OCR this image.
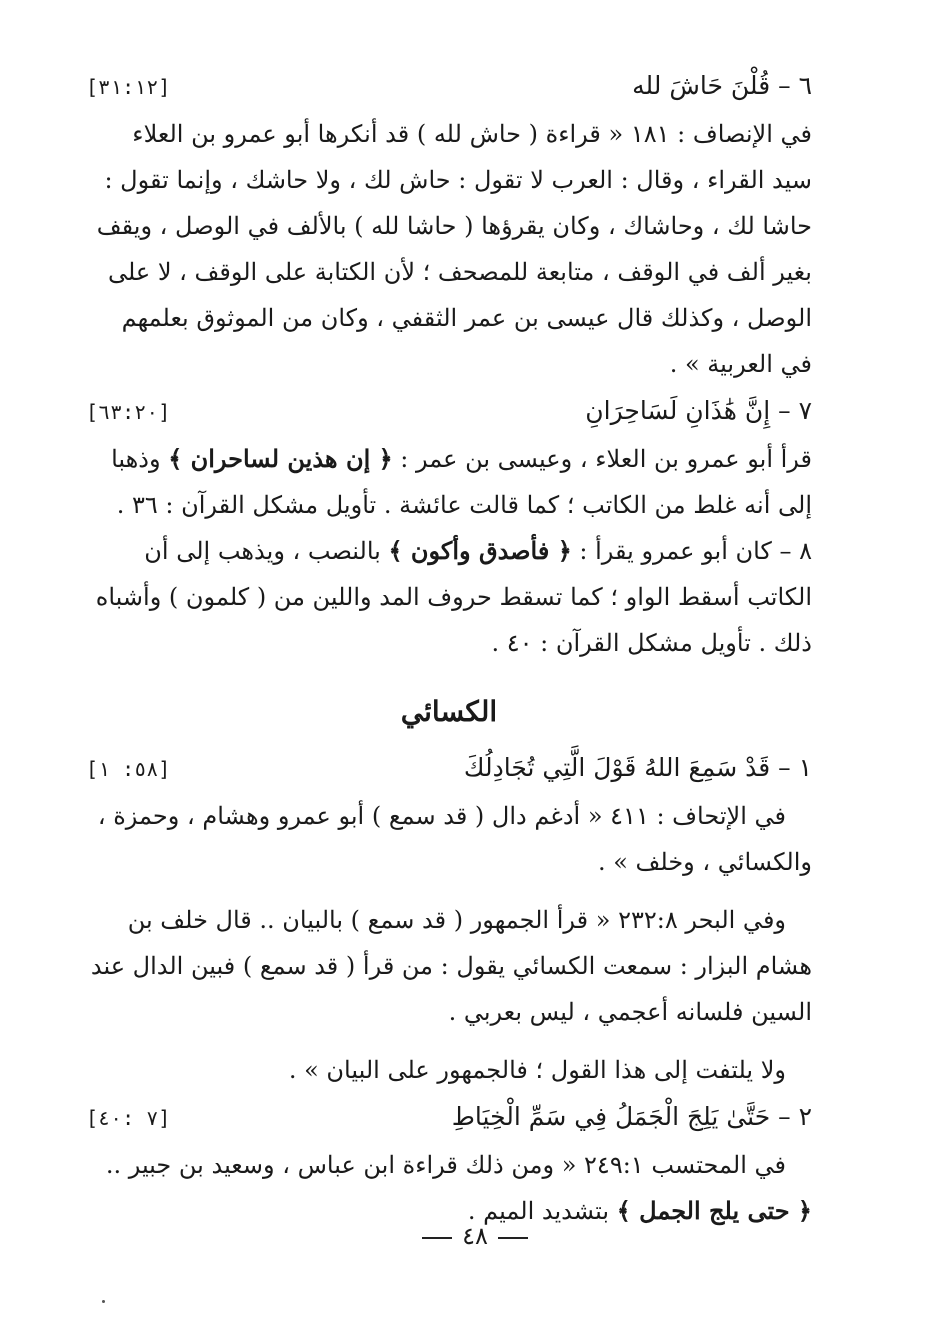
٦ – قُلْنَ حَاشَ لله
[٣١:١٢]

في الإنصاف : ١٨١ « قراءة ( حاش لله ) قد أنكرها أبو عمرو بن العلاء سيد القراء ، وقال : العرب لا تقول : حاش لك ، ولا حاشك ، وإنما تقول : حاشا لك ، وحاشاك ، وكان يقرؤها ( حاشا لله ) بالألف في الوصل ، ويقف بغير ألف في الوقف ، متابعة للمصحف ؛ لأن الكتابة على الوقف ، لا على الوصل ، وكذلك قال عيسى بن عمر الثقفي ، وكان من الموثوق بعلمهم في العربية » .

٧ – إِنَّ هَٰذَانِ لَسَاحِرَانِ
[٦٣:٢٠]

قرأ أبو عمرو بن العلاء ، وعيسى بن عمر : ﴿ إن هذين لساحران ﴾ وذهبا إلى أنه غلط من الكاتب ؛ كما قالت عائشة . تأويل مشكل القرآن : ٣٦ .

٨ – كان أبو عمرو يقرأ : ﴿ فأصدق وأكون ﴾ بالنصب ، ويذهب إلى أن الكاتب أسقط الواو ؛ كما تسقط حروف المد واللين من ( كلمون ) وأشباه ذلك . تأويل مشكل القرآن : ٤٠ .

الكسائي
١ – قَدْ سَمِعَ اللهُ قَوْلَ الَّتِي تُجَادِلُكَ
[٥٨: ١]

في الإتحاف : ٤١١ « أدغم دال ( قد سمع ) أبو عمرو وهشام ، وحمزة ، والكسائي ، وخلف » .

وفي البحر ٢٣٢:٨ « قرأ الجمهور ( قد سمع ) بالبيان .. قال خلف بن هشام البزار : سمعت الكسائي يقول : من قرأ ( قد سمع ) فبين الدال عند السين فلسانه أعجمي ، ليس بعربي .

ولا يلتفت إلى هذا القول ؛ فالجمهور على البيان » .

٢ – حَتَّىٰ يَلِجَ الْجَمَلُ فِي سَمِّ الْخِيَاطِ
[٧ :٤٠]

في المحتسب ٢٤٩:١ « ومن ذلك قراءة ابن عباس ، وسعيد بن جبير .. ﴿ حتى يلج الجمل ﴾ بتشديد الميم .

٤٨
